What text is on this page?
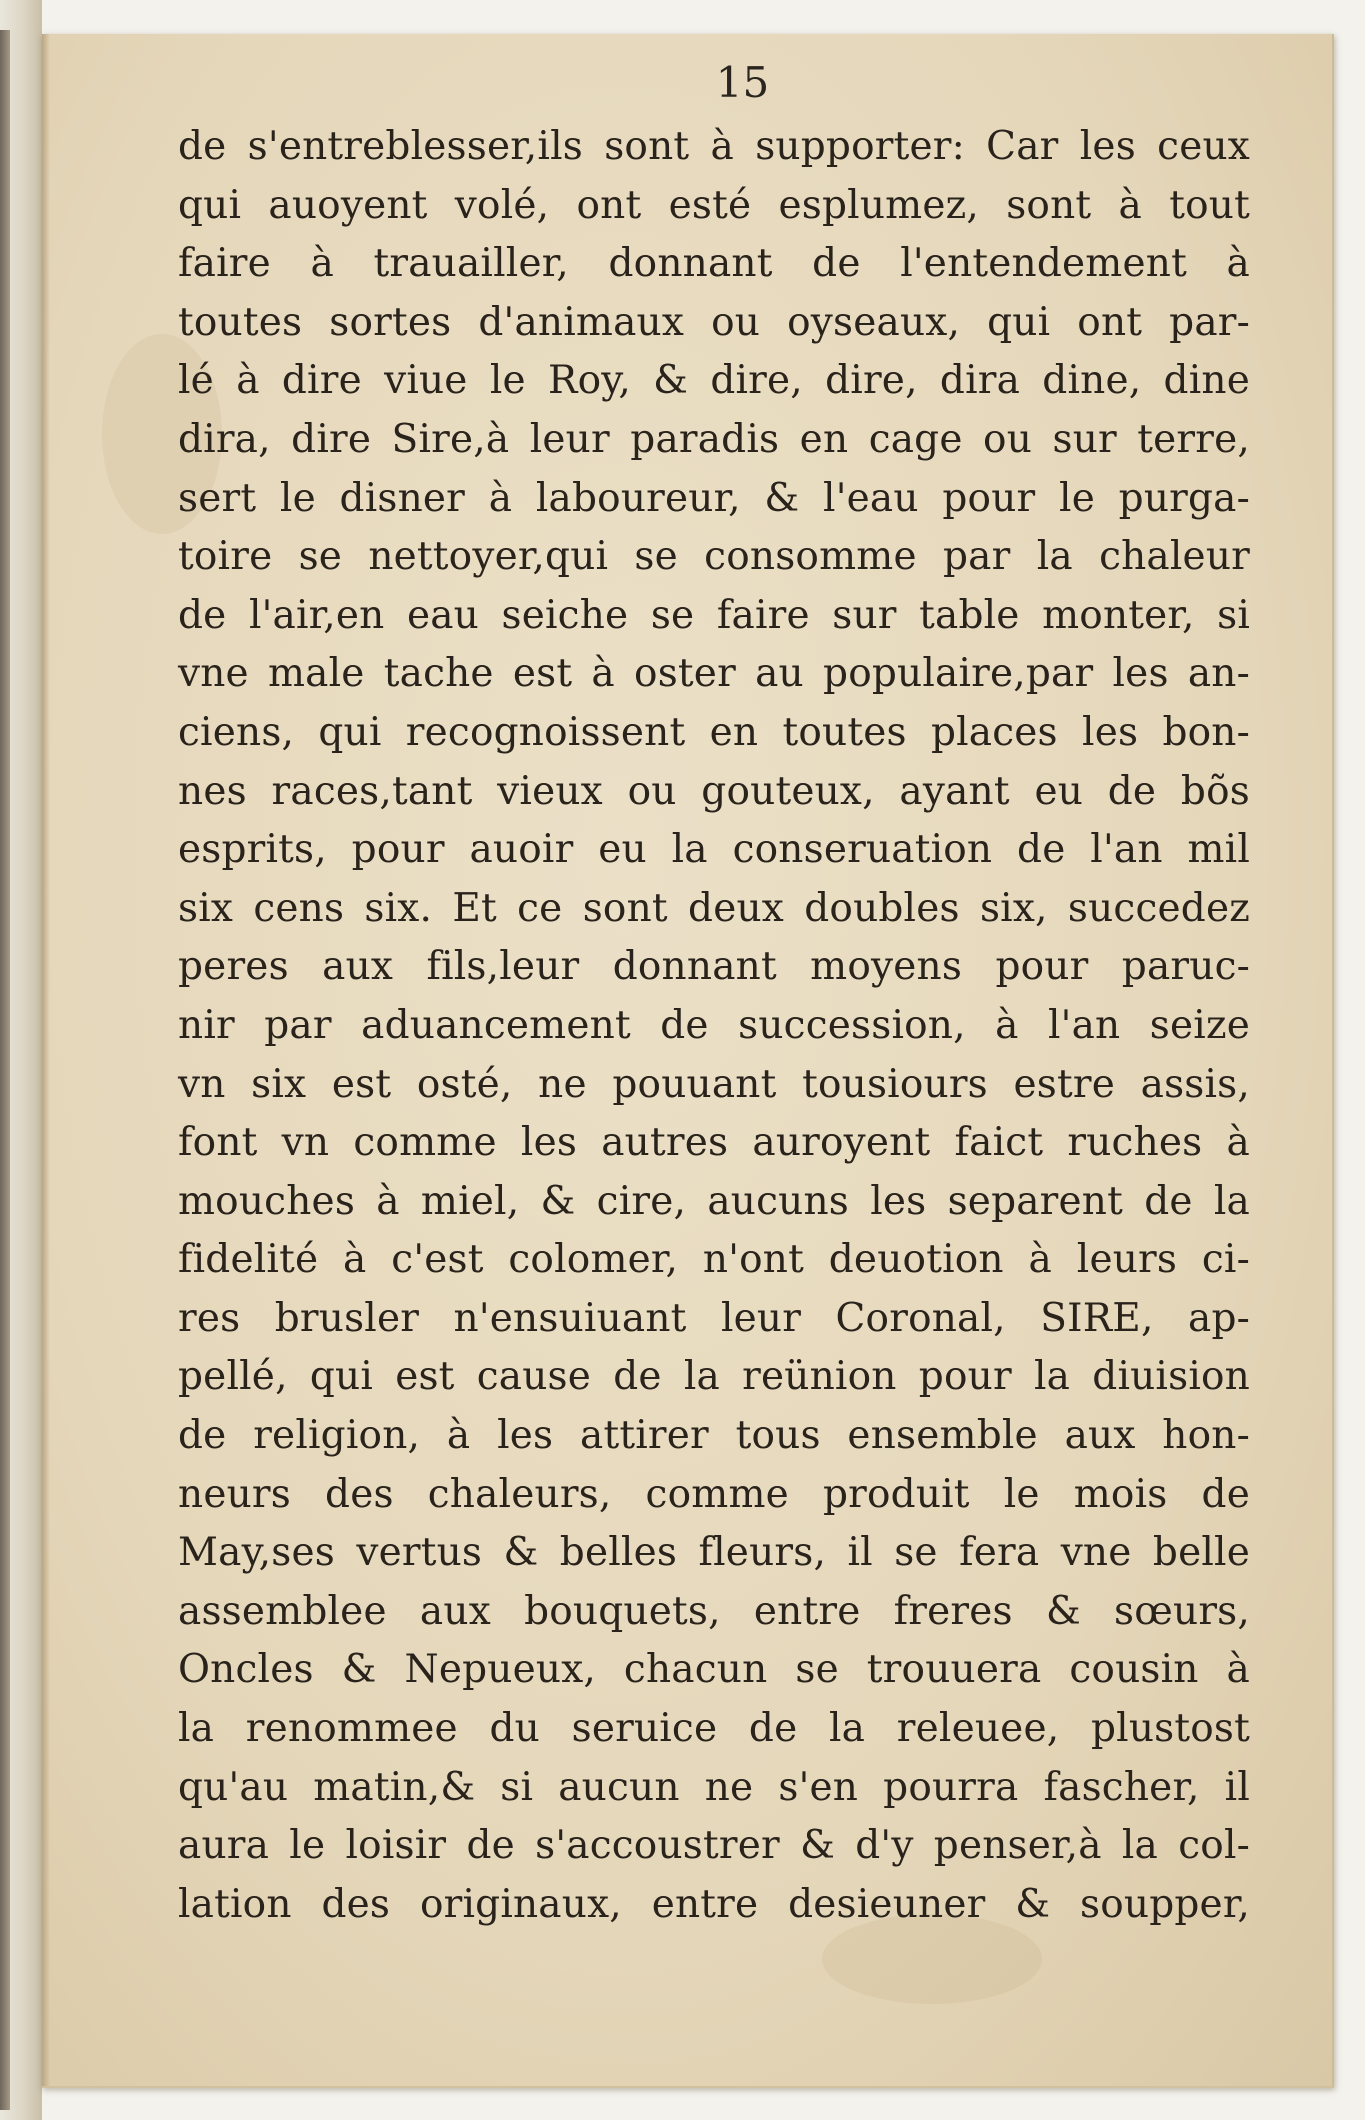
15
de s'entreblesser,ils sont à supporter: Car les ceux
qui auoyent volé, ont esté esplumez, sont à tout
faire à trauailler, donnant de l'entendement à
toutes sortes d'animaux ou oyseaux, qui ont par-
lé à dire viue le Roy, & dire, dire, dira dine, dine
dira, dire Sire,à leur paradis en cage ou sur terre,
sert le disner à laboureur, & l'eau pour le purga-
toire se nettoyer,qui se consomme par la chaleur
de l'air,en eau seiche se faire sur table monter, si
vne male tache est à oster au populaire,par les an-
ciens, qui recognoissent en toutes places les bon-
nes races,tant vieux ou gouteux, ayant eu de bõs
esprits, pour auoir eu la conseruation de l'an mil
six cens six. Et ce sont deux doubles six, succedez
peres aux fils,leur donnant moyens pour paruc-
nir par aduancement de succession, à l'an seize
vn six est osté, ne pouuant tousiours estre assis,
font vn comme les autres auroyent faict ruches à
mouches à miel, & cire, aucuns les separent de la
fidelité à c'est colomer, n'ont deuotion à leurs ci-
res brusler n'ensuiuant leur Coronal, SIRE, ap-
pellé, qui est cause de la reünion pour la diuision
de religion, à les attirer tous ensemble aux hon-
neurs des chaleurs, comme produit le mois de
May,ses vertus & belles fleurs, il se fera vne belle
assemblee aux bouquets, entre freres & sœurs,
Oncles & Nepueux, chacun se trouuera cousin à
la renommee du seruice de la releuee, plustost
qu'au matin,& si aucun ne s'en pourra fascher, il
aura le loisir de s'accoustrer & d'y penser,à la col-
lation des originaux, entre desieuner & soupper,
